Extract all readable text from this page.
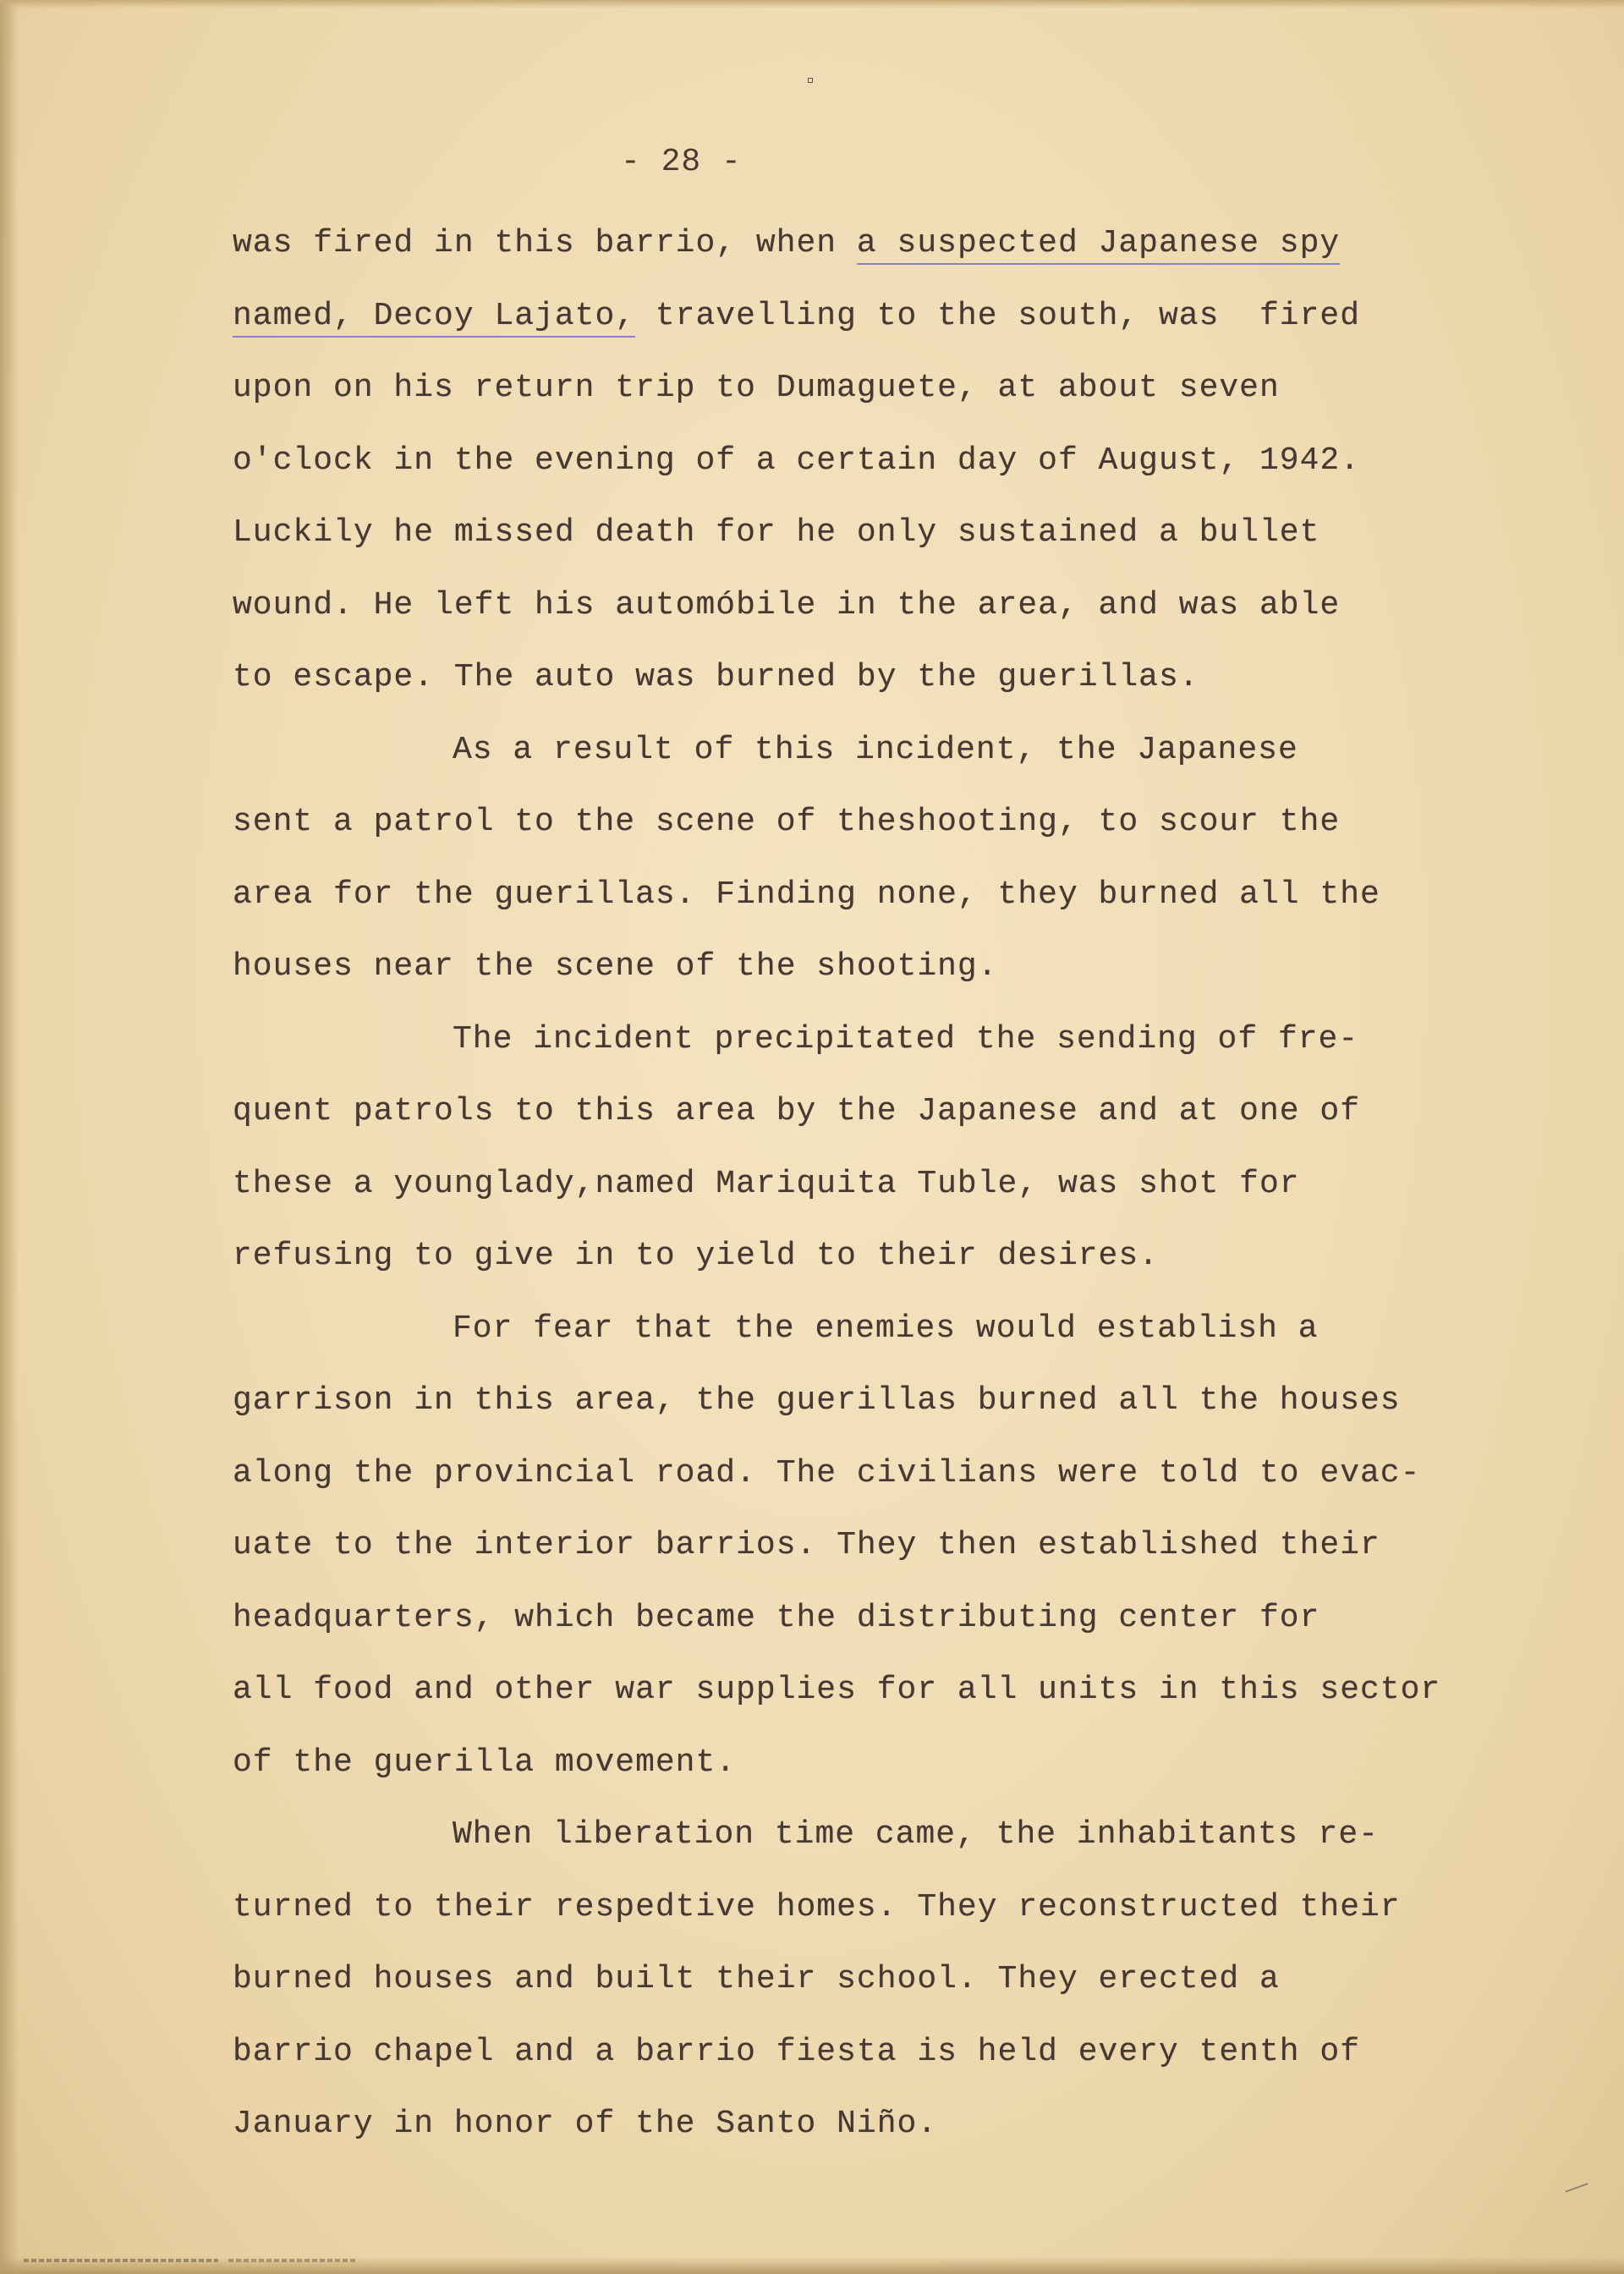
- 28 -
was fired in this barrio, when a suspected Japanese spy
named, Decoy Lajato, travelling to the south, was  fired
upon on his return trip to Dumaguete, at about seven
o'clock in the evening of a certain day of August, 1942.
Luckily he missed death for he only sustained a bullet
wound. He left his automóbile in the area, and was able
to escape. The auto was burned by the guerillas.
As a result of this incident, the Japanese
sent a patrol to the scene of theshooting, to scour the
area for the guerillas. Finding none, they burned all the
houses near the scene of the shooting.
The incident precipitated the sending of fre-
quent patrols to this area by the Japanese and at one of
these a younglady,named Mariquita Tuble, was shot for
refusing to give in to yield to their desires.
For fear that the enemies would establish a
garrison in this area, the guerillas burned all the houses
along the provincial road. The civilians were told to evac-
uate to the interior barrios. They then established their
headquarters, which became the distributing center for
all food and other war supplies for all units in this sector
of the guerilla movement.
When liberation time came, the inhabitants re-
turned to their respedtive homes. They reconstructed their
burned houses and built their school. They erected a
barrio chapel and a barrio fiesta is held every tenth of
January in honor of the Santo Niño.
